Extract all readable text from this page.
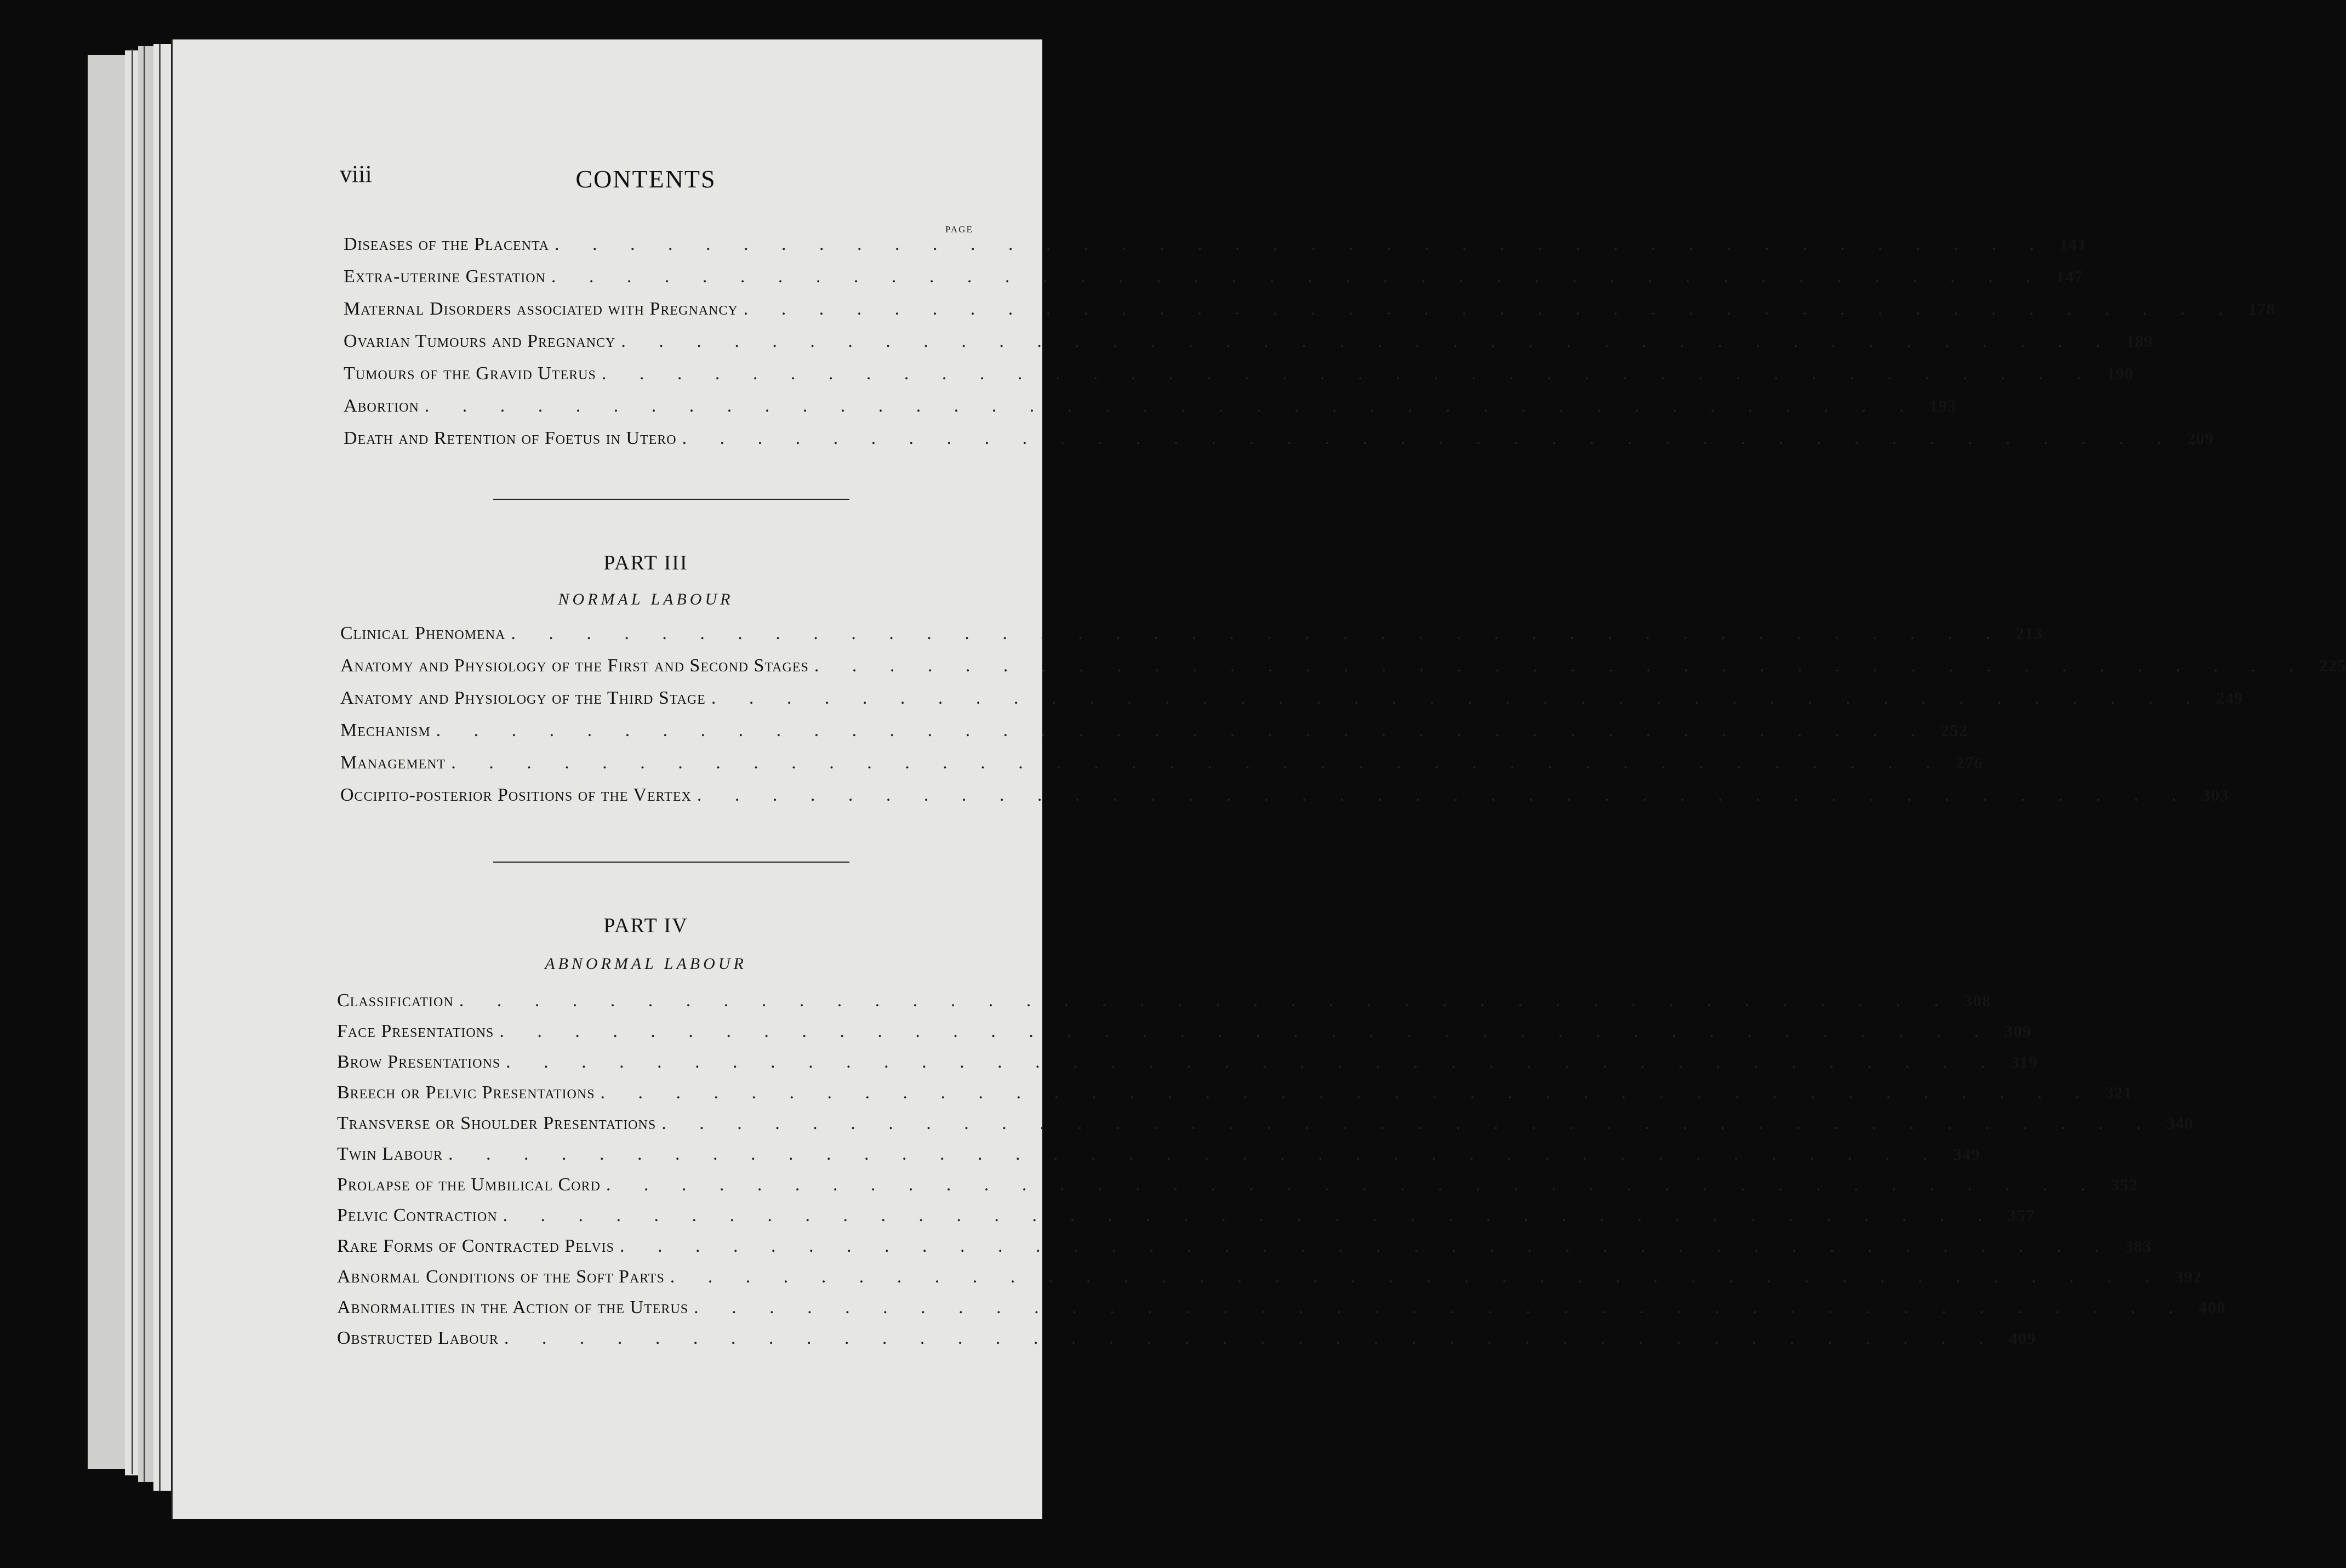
viii	CONTENTS
PAGE
Diseases of the Placenta . . . . . . . . . . . . . . . . . . . . . . . . . . . . . . . . . . . . . . . . 141
Extra-uterine Gestation . . . . . . . . . . . . . . . . . . . . . . . . . . . . . . . . . . . . . . . . 147
Maternal Disorders associated with Pregnancy . . . . . . . . . . . . . . . . . . . . . . . . . . . . . . . . . . . . . . . . 178
Ovarian Tumours and Pregnancy . . . . . . . . . . . . . . . . . . . . . . . . . . . . . . . . . . . . . . . . 189
Tumours of the Gravid Uterus . . . . . . . . . . . . . . . . . . . . . . . . . . . . . . . . . . . . . . . . 190
Abortion . . . . . . . . . . . . . . . . . . . . . . . . . . . . . . . . . . . . . . . . 193
Death and Retention of Foetus in Utero . . . . . . . . . . . . . . . . . . . . . . . . . . . . . . . . . . . . . . . . 209
PART III
NORMAL LABOUR
Clinical Phenomena . . . . . . . . . . . . . . . . . . . . . . . . . . . . . . . . . . . . . . . . 213
Anatomy and Physiology of the First and Second Stages . . . . . . . . . . . . . . . . . . . . . . . . . . . . . . . . . . . . . . . . 225
Anatomy and Physiology of the Third Stage . . . . . . . . . . . . . . . . . . . . . . . . . . . . . . . . . . . . . . . . 249
Mechanism . . . . . . . . . . . . . . . . . . . . . . . . . . . . . . . . . . . . . . . . 252
Management . . . . . . . . . . . . . . . . . . . . . . . . . . . . . . . . . . . . . . . . 276
Occipito-posterior Positions of the Vertex . . . . . . . . . . . . . . . . . . . . . . . . . . . . . . . . . . . . . . . . 303
PART IV
ABNORMAL LABOUR
Classification . . . . . . . . . . . . . . . . . . . . . . . . . . . . . . . . . . . . . . . . 308
Face Presentations . . . . . . . . . . . . . . . . . . . . . . . . . . . . . . . . . . . . . . . . 309
Brow Presentations . . . . . . . . . . . . . . . . . . . . . . . . . . . . . . . . . . . . . . . . 319
Breech or Pelvic Presentations . . . . . . . . . . . . . . . . . . . . . . . . . . . . . . . . . . . . . . . . 321
Transverse or Shoulder Presentations . . . . . . . . . . . . . . . . . . . . . . . . . . . . . . . . . . . . . . . . 340
Twin Labour . . . . . . . . . . . . . . . . . . . . . . . . . . . . . . . . . . . . . . . . 349
Prolapse of the Umbilical Cord . . . . . . . . . . . . . . . . . . . . . . . . . . . . . . . . . . . . . . . . 352
Pelvic Contraction . . . . . . . . . . . . . . . . . . . . . . . . . . . . . . . . . . . . . . . . 357
Rare Forms of Contracted Pelvis . . . . . . . . . . . . . . . . . . . . . . . . . . . . . . . . . . . . . . . . 383
Abnormal Conditions of the Soft Parts . . . . . . . . . . . . . . . . . . . . . . . . . . . . . . . . . . . . . . . . 392
Abnormalities in the Action of the Uterus . . . . . . . . . . . . . . . . . . . . . . . . . . . . . . . . . . . . . . . . 400
Obstructed Labour . . . . . . . . . . . . . . . . . . . . . . . . . . . . . . . . . . . . . . . . 409
